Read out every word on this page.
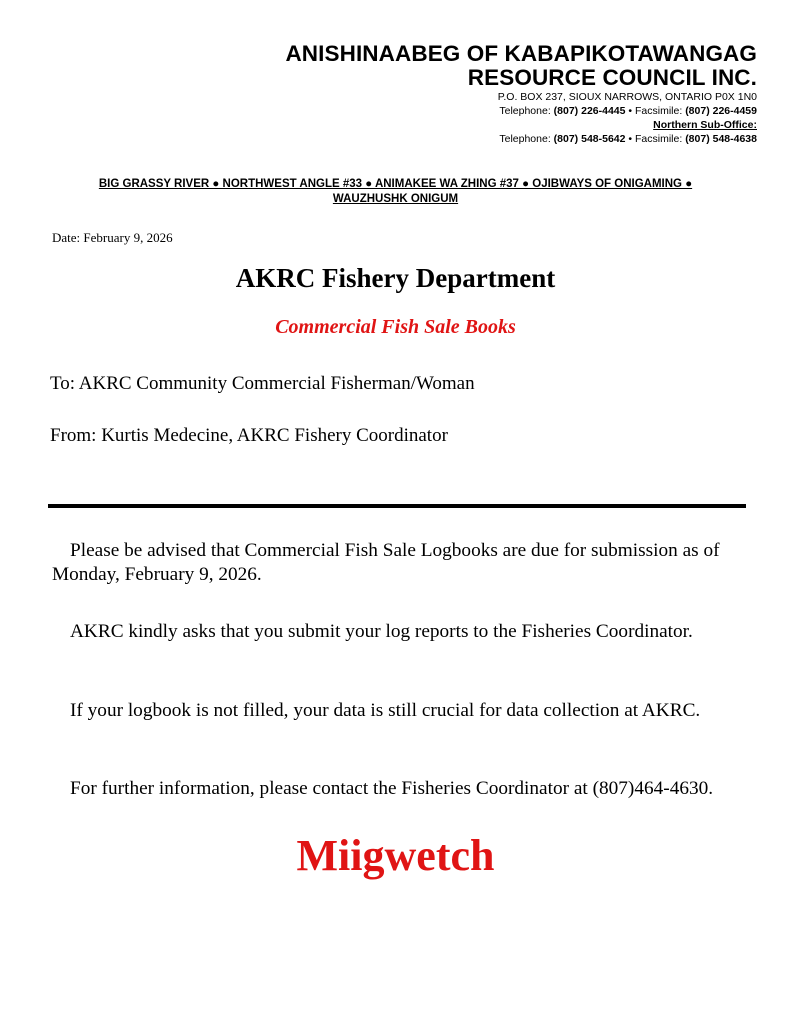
ANISHINAABEG OF KABAPIKOTAWANGAG
RESOURCE COUNCIL INC.
P.O. BOX 237, SIOUX NARROWS, ONTARIO P0X 1N0
Telephone: (807) 226-4445 • Facsimile: (807) 226-4459
Northern Sub-Office:
Telephone: (807) 548-5642 • Facsimile: (807) 548-4638
BIG GRASSY RIVER ● NORTHWEST ANGLE #33 ● ANIMAKEE WA ZHING #37 ● OJIBWAYS OF ONIGAMING ●
WAUZHUSHK ONIGUM
Date: February 9, 2026
AKRC Fishery Department
Commercial Fish Sale Books
To: AKRC Community Commercial Fisherman/Woman
From: Kurtis Medecine, AKRC Fishery Coordinator
Please be advised that Commercial Fish Sale Logbooks are due for submission as of Monday, February 9, 2026.
AKRC kindly asks that you submit your log reports to the Fisheries Coordinator.
If your logbook is not filled, your data is still crucial for data collection at AKRC.
For further information, please contact the Fisheries Coordinator at (807)464-4630.
Miigwetch
